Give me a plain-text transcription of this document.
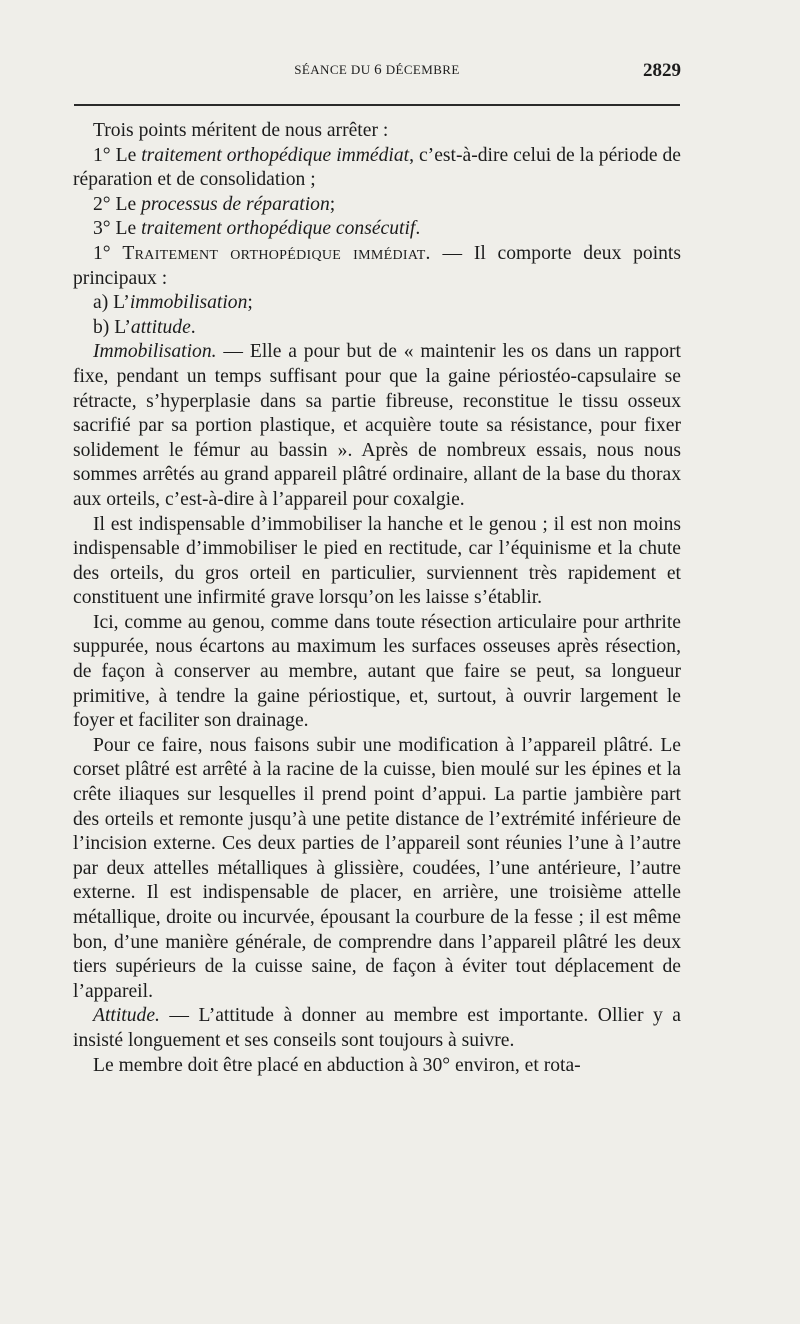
SÉANCE DU 6 DÉCEMBRE	2829

Trois points méritent de nous arrêter :

1° Le traitement orthopédique immédiat, c’est-à-dire celui de la période de réparation et de consolidation ;

2° Le processus de réparation;

3° Le traitement orthopédique consécutif.

1° Traitement orthopédique immédiat. — Il comporte deux points principaux :

a) L’immobilisation;

b) L’attitude.

Immobilisation. — Elle a pour but de « maintenir les os dans un rapport fixe, pendant un temps suffisant pour que la gaine périostéo-capsulaire se rétracte, s’hyperplasie dans sa partie fibreuse, reconstitue le tissu osseux sacrifié par sa portion plastique, et acquière toute sa résistance, pour fixer solidement le fémur au bassin ». Après de nombreux essais, nous nous sommes arrêtés au grand appareil plâtré ordinaire, allant de la base du thorax aux orteils, c’est-à-dire à l’appareil pour coxalgie.

Il est indispensable d’immobiliser la hanche et le genou ; il est non moins indispensable d’immobiliser le pied en rectitude, car l’équinisme et la chute des orteils, du gros orteil en particulier, surviennent très rapidement et constituent une infirmité grave lorsqu’on les laisse s’établir.

Ici, comme au genou, comme dans toute résection articulaire pour arthrite suppurée, nous écartons au maximum les surfaces osseuses après résection, de façon à conserver au membre, autant que faire se peut, sa longueur primitive, à tendre la gaine périostique, et, surtout, à ouvrir largement le foyer et faciliter son drainage.

Pour ce faire, nous faisons subir une modification à l’appareil plâtré. Le corset plâtré est arrêté à la racine de la cuisse, bien moulé sur les épines et la crête iliaques sur lesquelles il prend point d’appui. La partie jambière part des orteils et remonte jusqu’à une petite distance de l’extrémité inférieure de l’incision externe. Ces deux parties de l’appareil sont réunies l’une à l’autre par deux attelles métalliques à glissière, coudées, l’une antérieure, l’autre externe. Il est indispensable de placer, en arrière, une troisième attelle métallique, droite ou incurvée, épousant la courbure de la fesse ; il est même bon, d’une manière générale, de comprendre dans l’appareil plâtré les deux tiers supérieurs de la cuisse saine, de façon à éviter tout déplacement de l’appareil.

Attitude. — L’attitude à donner au membre est importante. Ollier y a insisté longuement et ses conseils sont toujours à suivre.

Le membre doit être placé en abduction à 30° environ, et rota-
